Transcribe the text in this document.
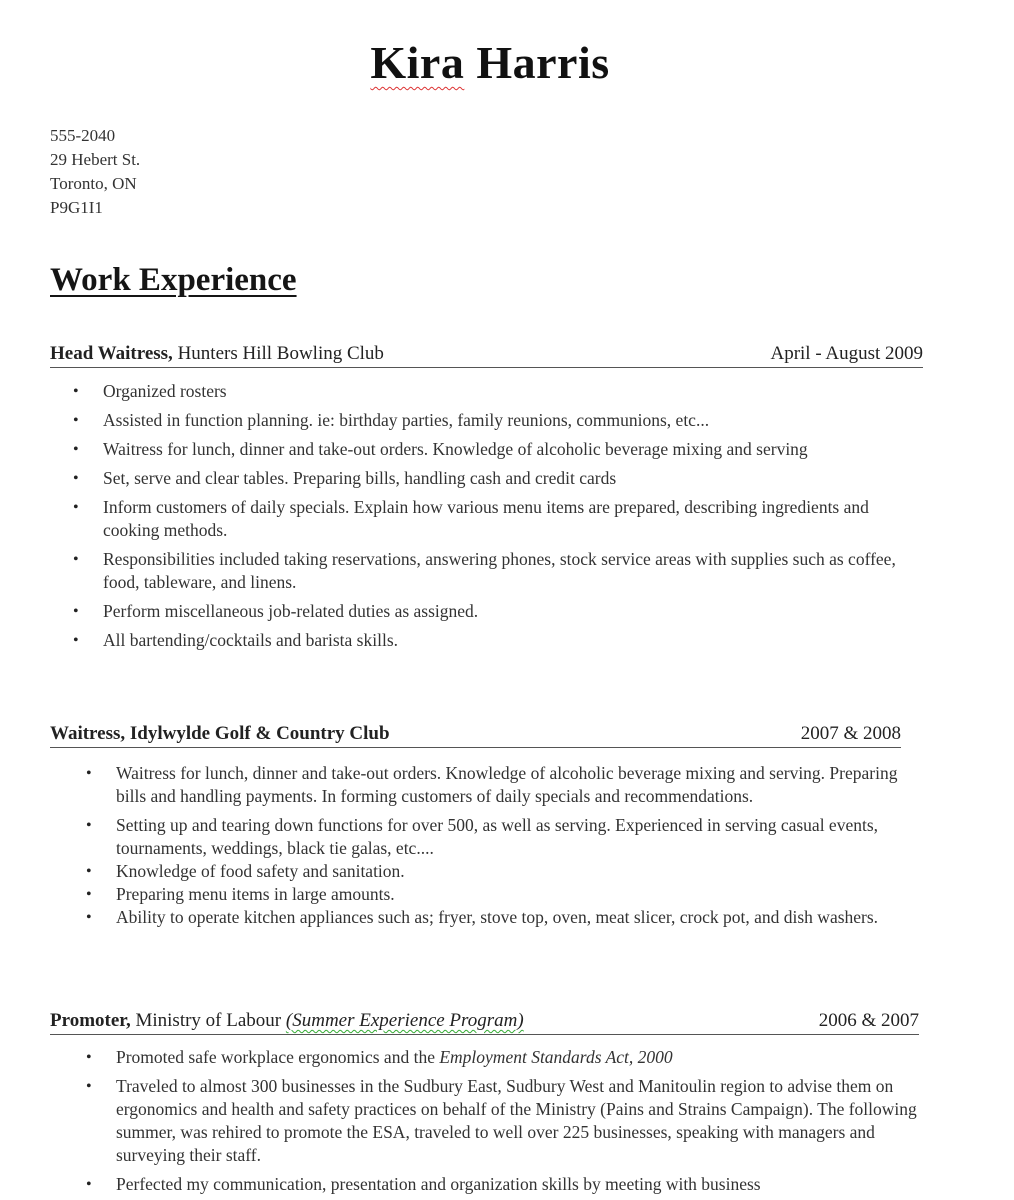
Kira Harris
555-2040
29 Hebert St.
Toronto, ON
P9G1I1
Work Experience
Head Waitress, Hunters Hill Bowling Club	April - August 2009
• Organized rosters
• Assisted in function planning. ie: birthday parties, family reunions, communions, etc...
• Waitress for lunch, dinner and take-out orders. Knowledge of alcoholic beverage mixing and serving
• Set, serve and clear tables. Preparing bills, handling cash and credit cards
• Inform customers of daily specials. Explain how various menu items are prepared, describing ingredients and cooking methods.
• Responsibilities included taking reservations, answering phones, stock service areas with supplies such as coffee, food, tableware, and linens.
• Perform miscellaneous job-related duties as assigned.
• All bartending/cocktails and barista skills.
Waitress, Idylwylde Golf & Country Club	2007 & 2008
• Waitress for lunch, dinner and take-out orders. Knowledge of alcoholic beverage mixing and serving. Preparing bills and handling payments. In forming customers of daily specials and recommendations.
• Setting up and tearing down functions for over 500, as well as serving. Experienced in serving casual events, tournaments, weddings, black tie galas, etc....
• Knowledge of food safety and sanitation.
• Preparing menu items in large amounts.
• Ability to operate kitchen appliances such as; fryer, stove top, oven, meat slicer, crock pot, and dish washers.
Promoter, Ministry of Labour (Summer Experience Program)	2006 & 2007
• Promoted safe workplace ergonomics and the Employment Standards Act, 2000
• Traveled to almost 300 businesses in the Sudbury East, Sudbury West and Manitoulin region to advise them on ergonomics and health and safety practices on behalf of the Ministry (Pains and Strains Campaign). The following summer, was rehired to promote the ESA, traveled to well over 225 businesses, speaking with managers and surveying their staff.
• Perfected my communication, presentation and organization skills by meeting with business
